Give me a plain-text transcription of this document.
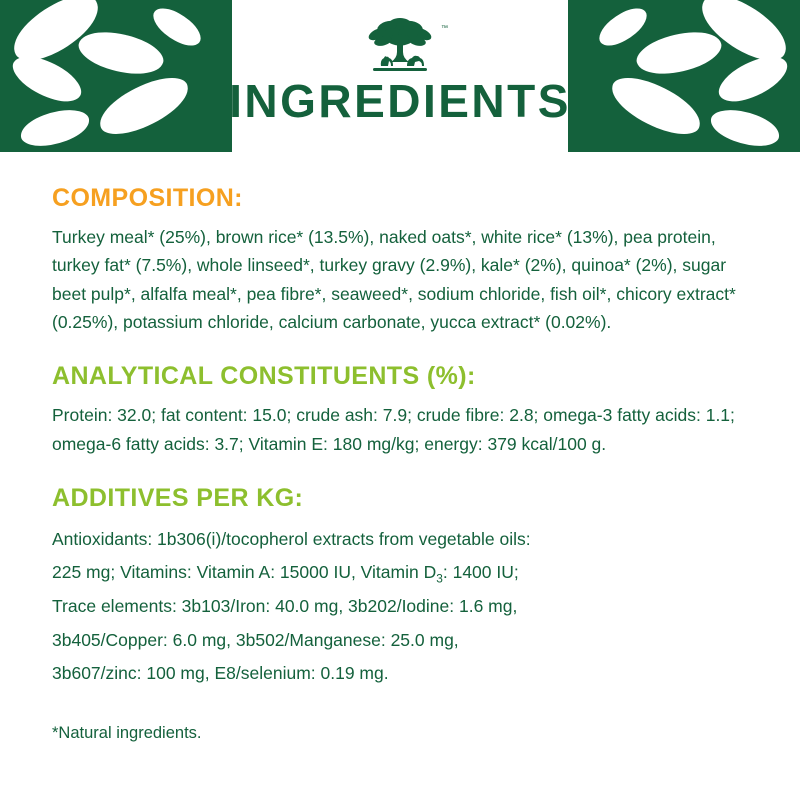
™
INGREDIENTS
COMPOSITION:

Turkey meal* (25%), brown rice* (13.5%), naked oats*, white rice* (13%), pea protein, turkey fat* (7.5%), whole linseed*, turkey gravy (2.9%), kale* (2%), quinoa* (2%), sugar beet pulp*, alfalfa meal*, pea fibre*, seaweed*, sodium chloride, fish oil*, chicory extract* (0.25%), potassium chloride, calcium carbonate, yucca extract* (0.02%).

ANALYTICAL CONSTITUENTS (%):

Protein: 32.0; fat content: 15.0; crude ash: 7.9; crude fibre: 2.8; omega-3 fatty acids: 1.1; omega-6 fatty acids: 3.7; Vitamin E: 180 mg/kg; energy: 379 kcal/100 g.

ADDITIVES PER KG:

Antioxidants: 1b306(i)/tocopherol extracts from vegetable oils:
225 mg; Vitamins: Vitamin A: 15000 IU, Vitamin $D_3$: 1400 IU;
Trace elements: 3b103/Iron: 40.0 mg, 3b202/Iodine: 1.6 mg,
3b405/Copper: 6.0 mg, 3b502/Manganese: 25.0 mg,
3b607/zinc: 100 mg, E8/selenium: 0.19 mg.

*Natural ingredients.
